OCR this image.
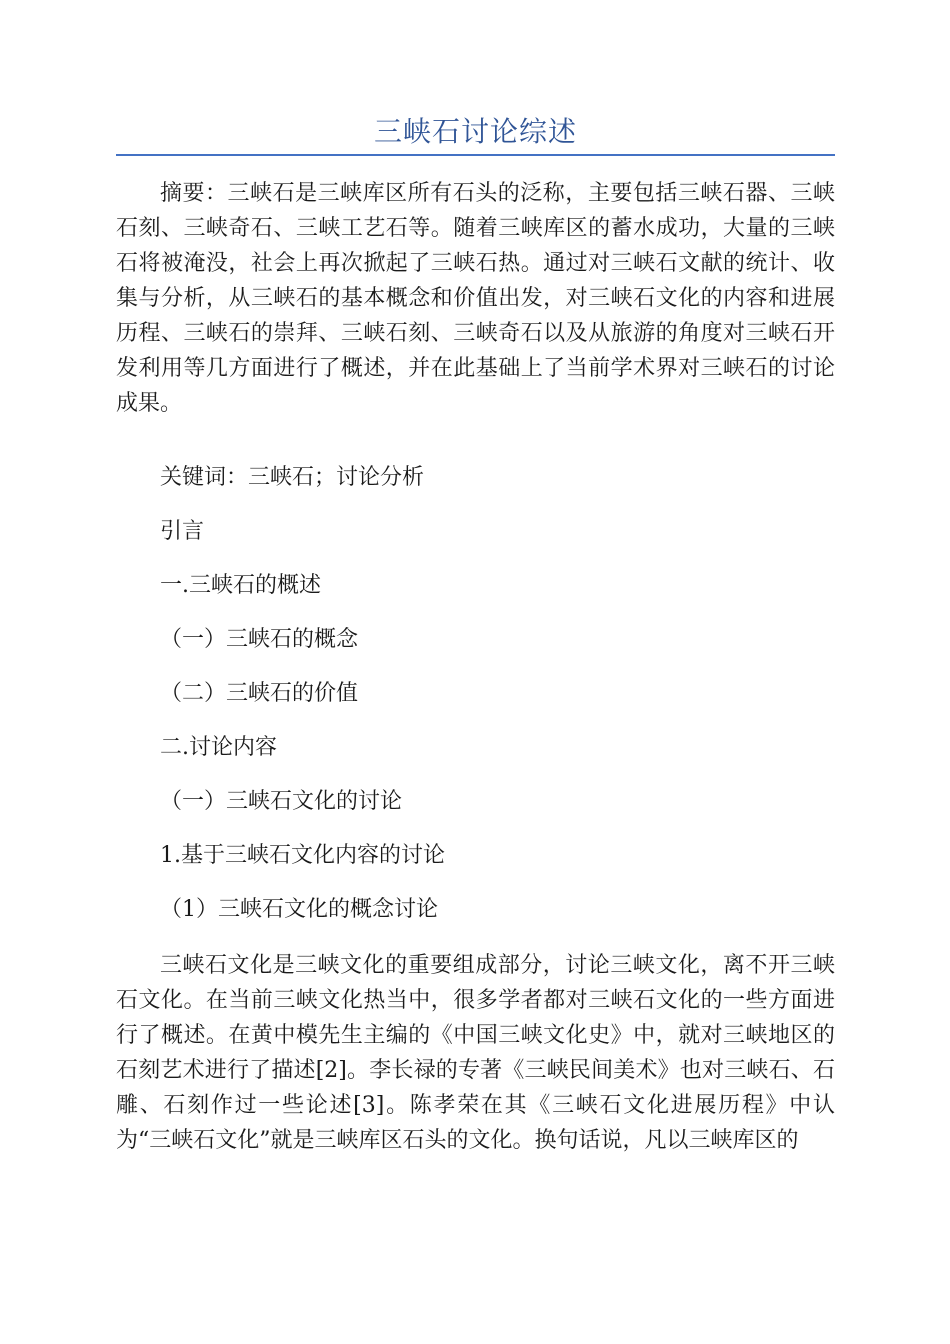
三峡石讨论综述
摘要：三峡石是三峡库区所有石头的泛称，主要包括三峡石器、三峡石刻、三峡奇石、三峡工艺石等。随着三峡库区的蓄水成功，大量的三峡石将被淹没，社会上再次掀起了三峡石热。通过对三峡石文献的统计、收集与分析，从三峡石的基本概念和价值出发，对三峡石文化的内容和进展历程、三峡石的崇拜、三峡石刻、三峡奇石以及从旅游的角度对三峡石开发利用等几方面进行了概述，并在此基础上了当前学术界对三峡石的讨论成果。
关键词：三峡石；讨论分析
引言
一.三峡石的概述
（一）三峡石的概念
（二）三峡石的价值
二.讨论内容
（一）三峡石文化的讨论
1.基于三峡石文化内容的讨论
（1）三峡石文化的概念讨论
三峡石文化是三峡文化的重要组成部分，讨论三峡文化，离不开三峡石文化。在当前三峡文化热当中，很多学者都对三峡石文化的一些方面进行了概述。在黄中模先生主编的《中国三峡文化史》中，就对三峡地区的石刻艺术进行了描述[2]。李长禄的专著《三峡民间美术》也对三峡石、石雕、石刻作过一些论述[3]。陈孝荣在其《三峡石文化进展历程》中认为“三峡石文化”就是三峡库区石头的文化。换句话说，凡以三峡库区的
